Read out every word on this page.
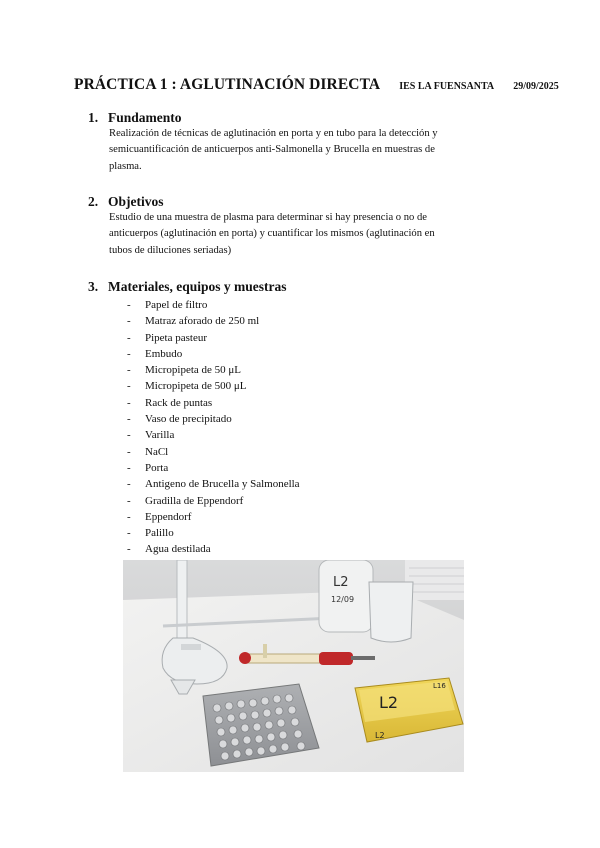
PRÁCTICA 1 : AGLUTINACIÓN DIRECTA IES LA FUENSANTA 29/09/2025
1. Fundamento
Realización de técnicas de aglutinación en porta y en tubo para la detección y
semicuantificación de anticuerpos anti-Salmonella y Brucella en muestras de
plasma.
2. Objetivos
Estudio de una muestra de plasma para determinar si hay presencia o no de
anticuerpos (aglutinación en porta) y cuantificar los mismos (aglutinación en
tubos de diluciones seriadas)
3. Materiales, equipos y muestras
-	Papel de filtro
-	Matraz aforado de 250 ml
-	Pipeta pasteur
-	Embudo
-	Micropipeta de 50 μL
-	Micropipeta de 500 μL
-	Rack de puntas
-	Vaso de precipitado
-	Varilla
-	NaCl
-	Porta
-	Antigeno de Brucella y Salmonella
-	Gradilla de Eppendorf
-	Eppendorf
-	Palillo
-	Agua destilada
L2
12/09
L2
L16
L2
